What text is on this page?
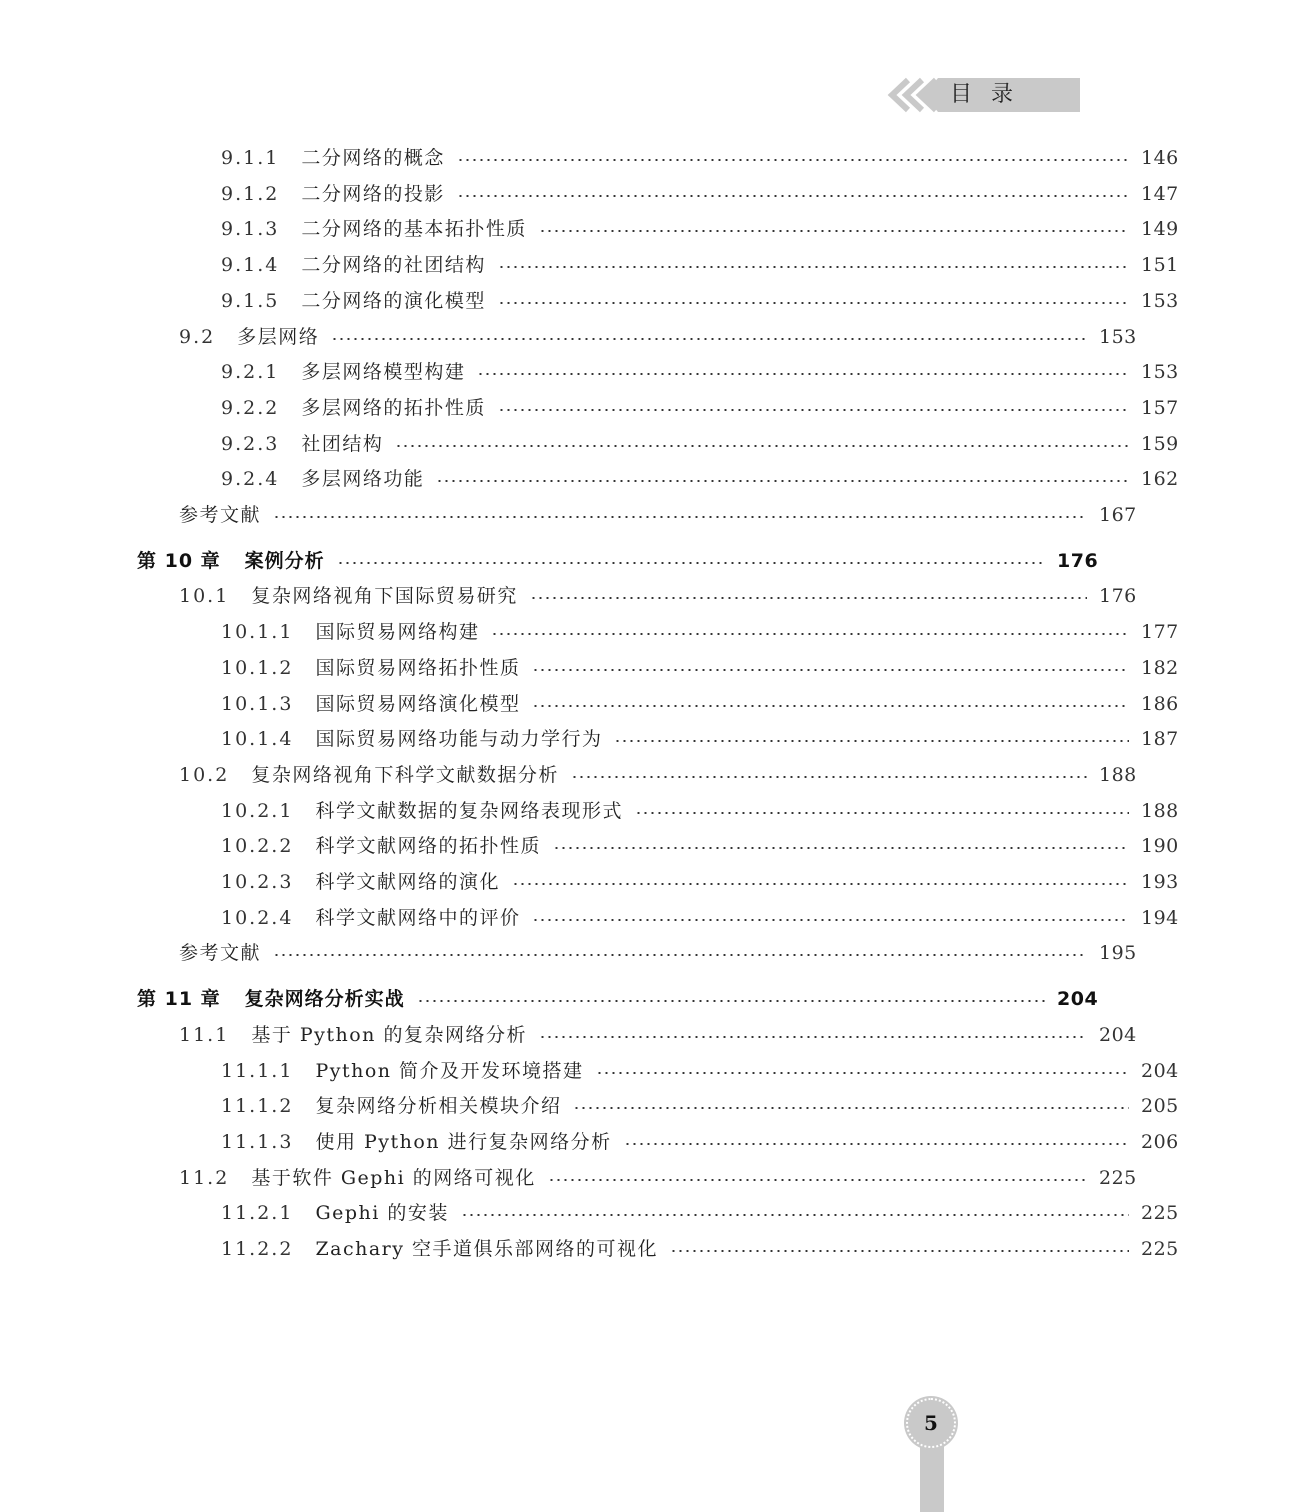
目 录
9.1.1 二分网络的概念	146
9.1.2 二分网络的投影	147
9.1.3 二分网络的基本拓扑性质	149
9.1.4 二分网络的社团结构	151
9.1.5 二分网络的演化模型	153
9.2 多层网络	153
9.2.1 多层网络模型构建	153
9.2.2 多层网络的拓扑性质	157
9.2.3 社团结构	159
9.2.4 多层网络功能	162
参考文献	167
第 10 章 案例分析	176
10.1 复杂网络视角下国际贸易研究	176
10.1.1 国际贸易网络构建	177
10.1.2 国际贸易网络拓扑性质	182
10.1.3 国际贸易网络演化模型	186
10.1.4 国际贸易网络功能与动力学行为	187
10.2 复杂网络视角下科学文献数据分析	188
10.2.1 科学文献数据的复杂网络表现形式	188
10.2.2 科学文献网络的拓扑性质	190
10.2.3 科学文献网络的演化	193
10.2.4 科学文献网络中的评价	194
参考文献	195
第 11 章 复杂网络分析实战	204
11.1 基于 Python 的复杂网络分析	204
11.1.1 Python 简介及开发环境搭建	204
11.1.2 复杂网络分析相关模块介绍	205
11.1.3 使用 Python 进行复杂网络分析	206
11.2 基于软件 Gephi 的网络可视化	225
11.2.1 Gephi 的安装	225
11.2.2 Zachary 空手道俱乐部网络的可视化	225
5
